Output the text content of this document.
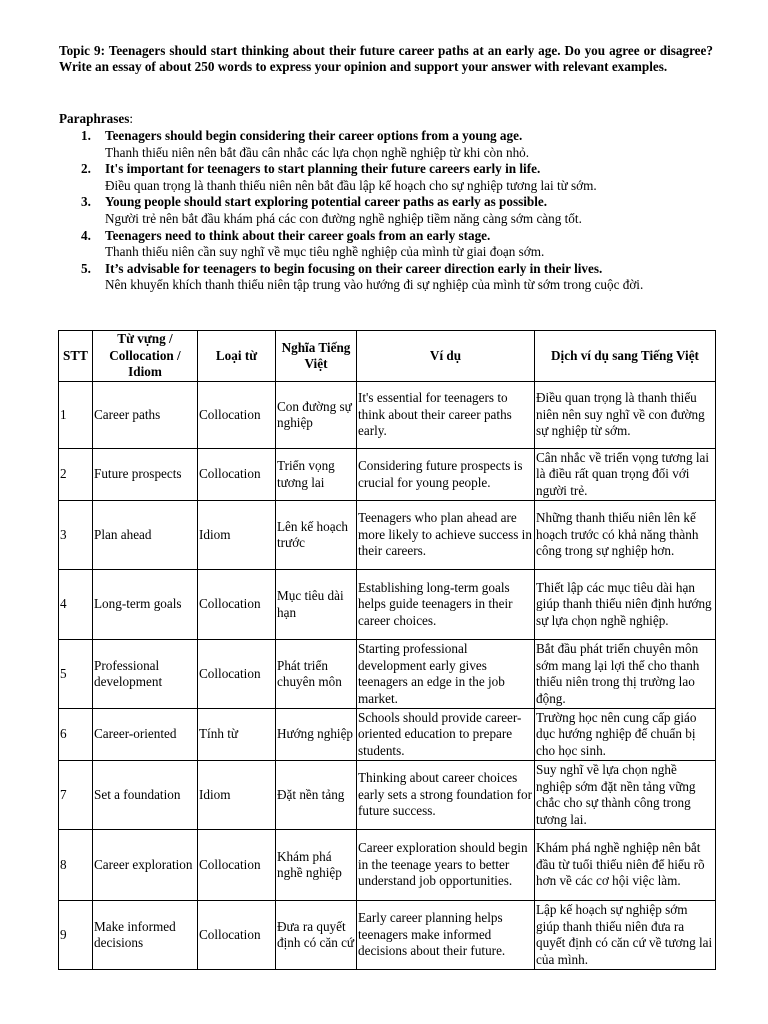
Topic 9: Teenagers should start thinking about their future career paths at an early age. Do you agree or disagree? Write an essay of about 250 words to express your opinion and support your answer with relevant examples.
Paraphrases:
1. Teenagers should begin considering their career options from a young age.
Thanh thiếu niên nên bắt đầu cân nhắc các lựa chọn nghề nghiệp từ khi còn nhỏ.
2. It's important for teenagers to start planning their future careers early in life.
Điều quan trọng là thanh thiếu niên nên bắt đầu lập kế hoạch cho sự nghiệp tương lai từ sớm.
3. Young people should start exploring potential career paths as early as possible.
Người trẻ nên bắt đầu khám phá các con đường nghề nghiệp tiềm năng càng sớm càng tốt.
4. Teenagers need to think about their career goals from an early stage.
Thanh thiếu niên cần suy nghĩ về mục tiêu nghề nghiệp của mình từ giai đoạn sớm.
5. It’s advisable for teenagers to begin focusing on their career direction early in their lives.
Nên khuyến khích thanh thiếu niên tập trung vào hướng đi sự nghiệp của mình từ sớm trong cuộc đời.
STT	Từ vựng / Collocation / Idiom	Loại từ	Nghĩa Tiếng Việt	Ví dụ	Dịch ví dụ sang Tiếng Việt
1	Career paths	Collocation	Con đường sự nghiệp	It's essential for teenagers to think about their career paths early.	Điều quan trọng là thanh thiếu niên nên suy nghĩ về con đường sự nghiệp từ sớm.
2	Future prospects	Collocation	Triển vọng tương lai	Considering future prospects is crucial for young people.	Cân nhắc về triển vọng tương lai là điều rất quan trọng đối với người trẻ.
3	Plan ahead	Idiom	Lên kế hoạch trước	Teenagers who plan ahead are more likely to achieve success in their careers.	Những thanh thiếu niên lên kế hoạch trước có khả năng thành công trong sự nghiệp hơn.
4	Long-term goals	Collocation	Mục tiêu dài hạn	Establishing long-term goals helps guide teenagers in their career choices.	Thiết lập các mục tiêu dài hạn giúp thanh thiếu niên định hướng sự lựa chọn nghề nghiệp.
5	Professional development	Collocation	Phát triển chuyên môn	Starting professional development early gives teenagers an edge in the job market.	Bắt đầu phát triển chuyên môn sớm mang lại lợi thế cho thanh thiếu niên trong thị trường lao động.
6	Career-oriented	Tính từ	Hướng nghiệp	Schools should provide career-oriented education to prepare students.	Trường học nên cung cấp giáo dục hướng nghiệp để chuẩn bị cho học sinh.
7	Set a foundation	Idiom	Đặt nền tảng	Thinking about career choices early sets a strong foundation for future success.	Suy nghĩ về lựa chọn nghề nghiệp sớm đặt nền tảng vững chắc cho sự thành công trong tương lai.
8	Career exploration	Collocation	Khám phá nghề nghiệp	Career exploration should begin in the teenage years to better understand job opportunities.	Khám phá nghề nghiệp nên bắt đầu từ tuổi thiếu niên để hiểu rõ hơn về các cơ hội việc làm.
9	Make informed decisions	Collocation	Đưa ra quyết định có căn cứ	Early career planning helps teenagers make informed decisions about their future.	Lập kế hoạch sự nghiệp sớm giúp thanh thiếu niên đưa ra quyết định có căn cứ về tương lai của mình.
